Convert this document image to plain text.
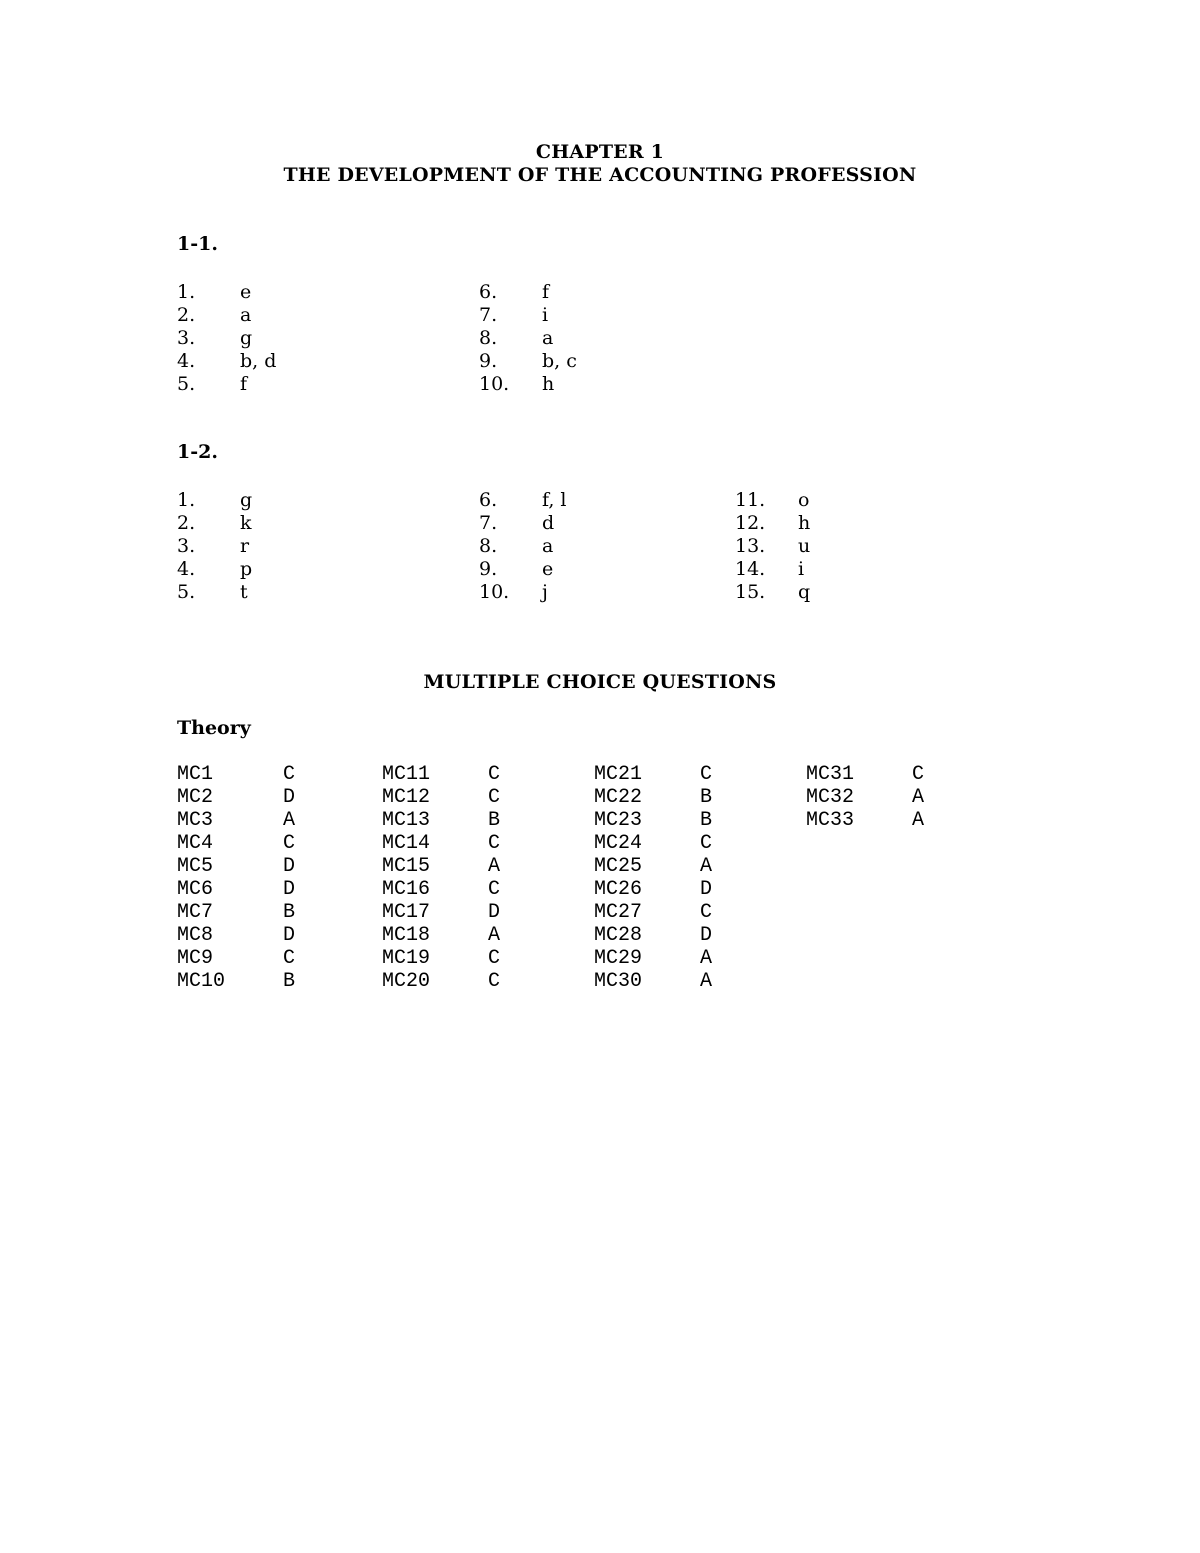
CHAPTER 1
THE DEVELOPMENT OF THE ACCOUNTING PROFESSION
1-1.
1. e
2. a
3. g
4. b, d
5. f
6. f
7. i
8. a
9. b, c
10. h
1-2.
1. g
2. k
3. r
4. p
5. t
6. f, l
7. d
8. a
9. e
10. j
11. o
12. h
13. u
14. i
15. q
MULTIPLE CHOICE QUESTIONS
Theory
MC1	C
MC2	D
MC3	A
MC4	C
MC5	D
MC6	D
MC7	B
MC8	D
MC9	C
MC10	B
MC11	C
MC12	C
MC13	B
MC14	C
MC15	A
MC16	C
MC17	D
MC18	A
MC19	C
MC20	C
MC21	C
MC22	B
MC23	B
MC24	C
MC25	A
MC26	D
MC27	C
MC28	D
MC29	A
MC30	A
MC31	C
MC32	A
MC33	A
